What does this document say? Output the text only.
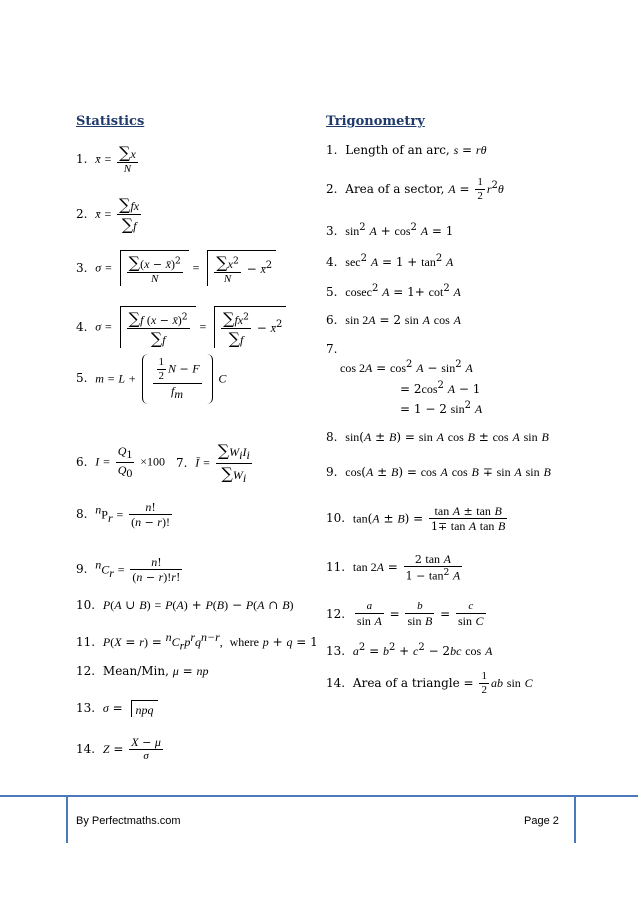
Statistics	Trigonometry
1. x̄ = $\frac{\sum x}{N}$
2. x̄ = $\frac{\sum fx}{\sum f}$
3. $\sigma = \frac{\sum(x - x̄)^2}{N} = \frac{\sum x^2}{N}$ − x̄$^2$
4. $\sigma = \frac{\sum f (x - x̄)^2}{\sum f} = \frac{\sum fx^2}{\sum f}$ − x̄$^2$
5. $m = L + \frac{\frac{1}{2} N - F}{f_m}$ C
6. $I = \frac{Q_1}{Q_0} \times 100$ 7. Ī = $\frac{\sum W_iI_i}{\sum W_i}$
8. $^nP_r = \frac{n!}{(n - r)!}$
9. $^nC_r = \frac{n!}{(n - r)!r!}$
10. P(A ∪ B) = P(A) + P(B) − P(A ∩ B)
11. $P(X = r) = ^nC_rp^rq^{n-r}$,  where p + q = 1
12. Mean/Min, μ = np
13. σ = npq
14. $Z = \frac{X - \mu}{\sigma}$
1. Length of an arc, s = rθ
2. Area of a sector, $A = \frac{1}{2} r^2\theta$
3. $\sin^2 A + \cos^2 A = 1$
4. $\sec^2 A = 1 + \tan^2 A$
5. cosec$^2$ $A = 1+ \cot^2 A$
6. sin 2A = 2 sin A cos A
7.
$\cos 2A = \cos^2 A - \sin^2 A$
= $2\cos^2$ A − 1
= 1 − 2 $\sin^2 A$
8. sin(A ± B) = sin A cos B ± cos A sin B
9. cos(A ± B) = cos A cos B ∓ sin A sin B
10. $\tan(A \pm B) = \frac{\text{tan A ± tan B}}{\text{1∓ tan A tan B}}$
11. $\tan 2A = \frac{\text{2 tan A}}{1 - \tan^2 A}$
12. $\frac{a}{\text{sin A}} = \frac{b}{\text{sin B}} = \frac{c}{\text{sin C}}$
13. $a^2 = b^2 + c^2 - 2bc$ cos A
14. Area of a triangle = $\frac{1}{2}$ ab sin C
By Perfectmaths.com	Page 2
